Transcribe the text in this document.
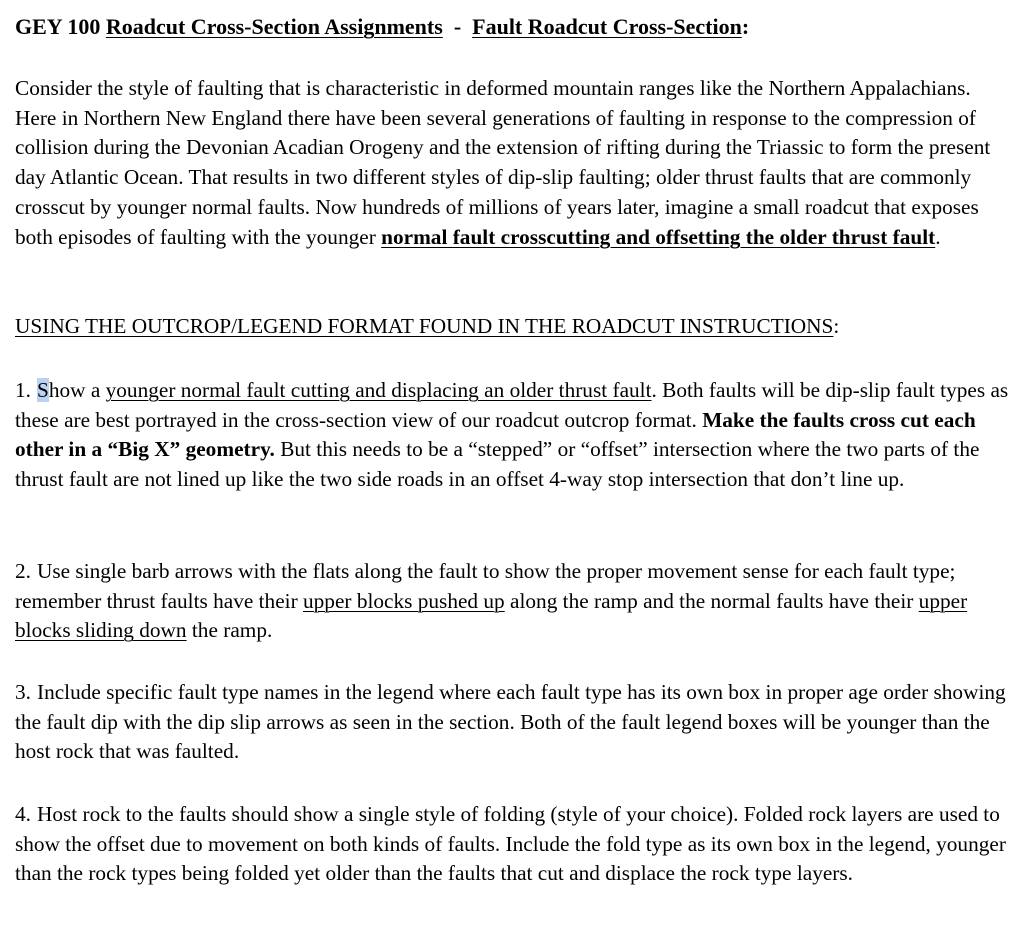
GEY 100 Roadcut Cross-Section Assignments - Fault Roadcut Cross-Section:
Consider the style of faulting that is characteristic in deformed mountain ranges like the Northern Appalachians. Here in Northern New England there have been several generations of faulting in response to the compression of collision during the Devonian Acadian Orogeny and the extension of rifting during the Triassic to form the present day Atlantic Ocean. That results in two different styles of dip-slip faulting; older thrust faults that are commonly crosscut by younger normal faults. Now hundreds of millions of years later, imagine a small roadcut that exposes both episodes of faulting with the younger normal fault crosscutting and offsetting the older thrust fault.
USING THE OUTCROP/LEGEND FORMAT FOUND IN THE ROADCUT INSTRUCTIONS:
1. Show a younger normal fault cutting and displacing an older thrust fault. Both faults will be dip-slip fault types as these are best portrayed in the cross-section view of our roadcut outcrop format. Make the faults cross cut each other in a “Big X” geometry. But this needs to be a “stepped” or “offset” intersection where the two parts of the thrust fault are not lined up like the two side roads in an offset 4-way stop intersection that don’t line up.
2. Use single barb arrows with the flats along the fault to show the proper movement sense for each fault type; remember thrust faults have their upper blocks pushed up along the ramp and the normal faults have their upper blocks sliding down the ramp.
3. Include specific fault type names in the legend where each fault type has its own box in proper age order showing the fault dip with the dip slip arrows as seen in the section. Both of the fault legend boxes will be younger than the host rock that was faulted.
4. Host rock to the faults should show a single style of folding (style of your choice). Folded rock layers are used to show the offset due to movement on both kinds of faults. Include the fold type as its own box in the legend, younger than the rock types being folded yet older than the faults that cut and displace the rock type layers.
